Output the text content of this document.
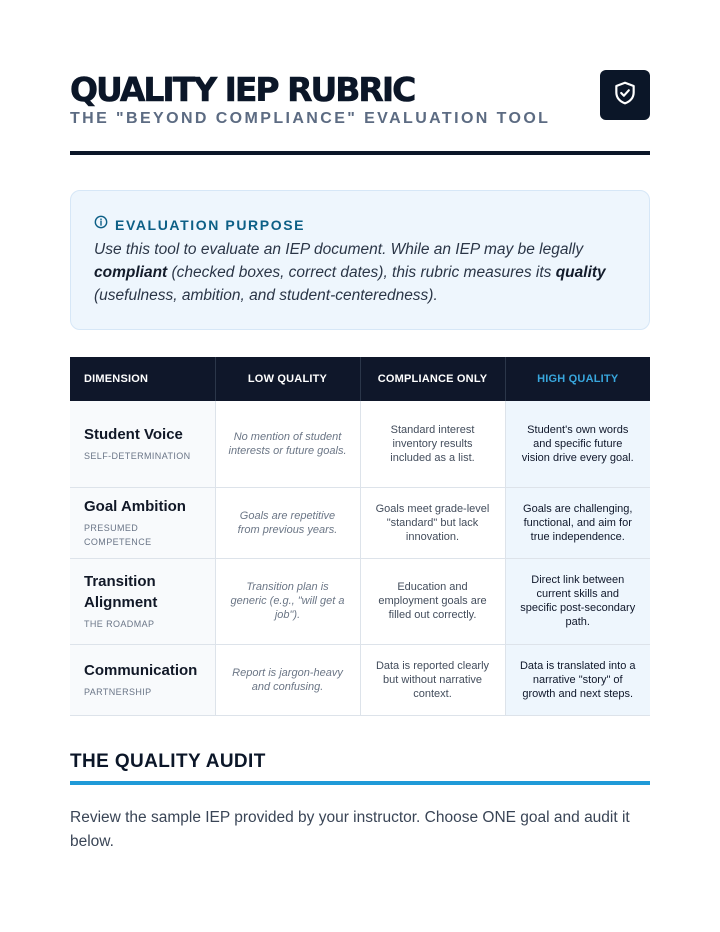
QUALITY IEP RUBRIC
THE "BEYOND COMPLIANCE" EVALUATION TOOL
EVALUATION PURPOSE

Use this tool to evaluate an IEP document. While an IEP may be legally compliant (checked boxes, correct dates), this rubric measures its quality (usefulness, ambition, and student-centeredness).

DIMENSION	LOW QUALITY	COMPLIANCE ONLY	HIGH QUALITY

Student Voice
SELF-DETERMINATION	No mention of student interests or future goals.	Standard interest inventory results included as a list.	Student's own words and specific future vision drive every goal.

Goal Ambition
PRESUMED COMPETENCE	Goals are repetitive from previous years.	Goals meet grade-level "standard" but lack innovation.	Goals are challenging, functional, and aim for true independence.

Transition Alignment
THE ROADMAP	Transition plan is generic (e.g., "will get a job").	Education and employment goals are filled out correctly.	Direct link between current skills and specific post-secondary path.

Communication
PARTNERSHIP	Report is jargon-heavy and confusing.	Data is reported clearly but without narrative context.	Data is translated into a narrative "story" of growth and next steps.
THE QUALITY AUDIT

Review the sample IEP provided by your instructor. Choose ONE goal and audit it below.
